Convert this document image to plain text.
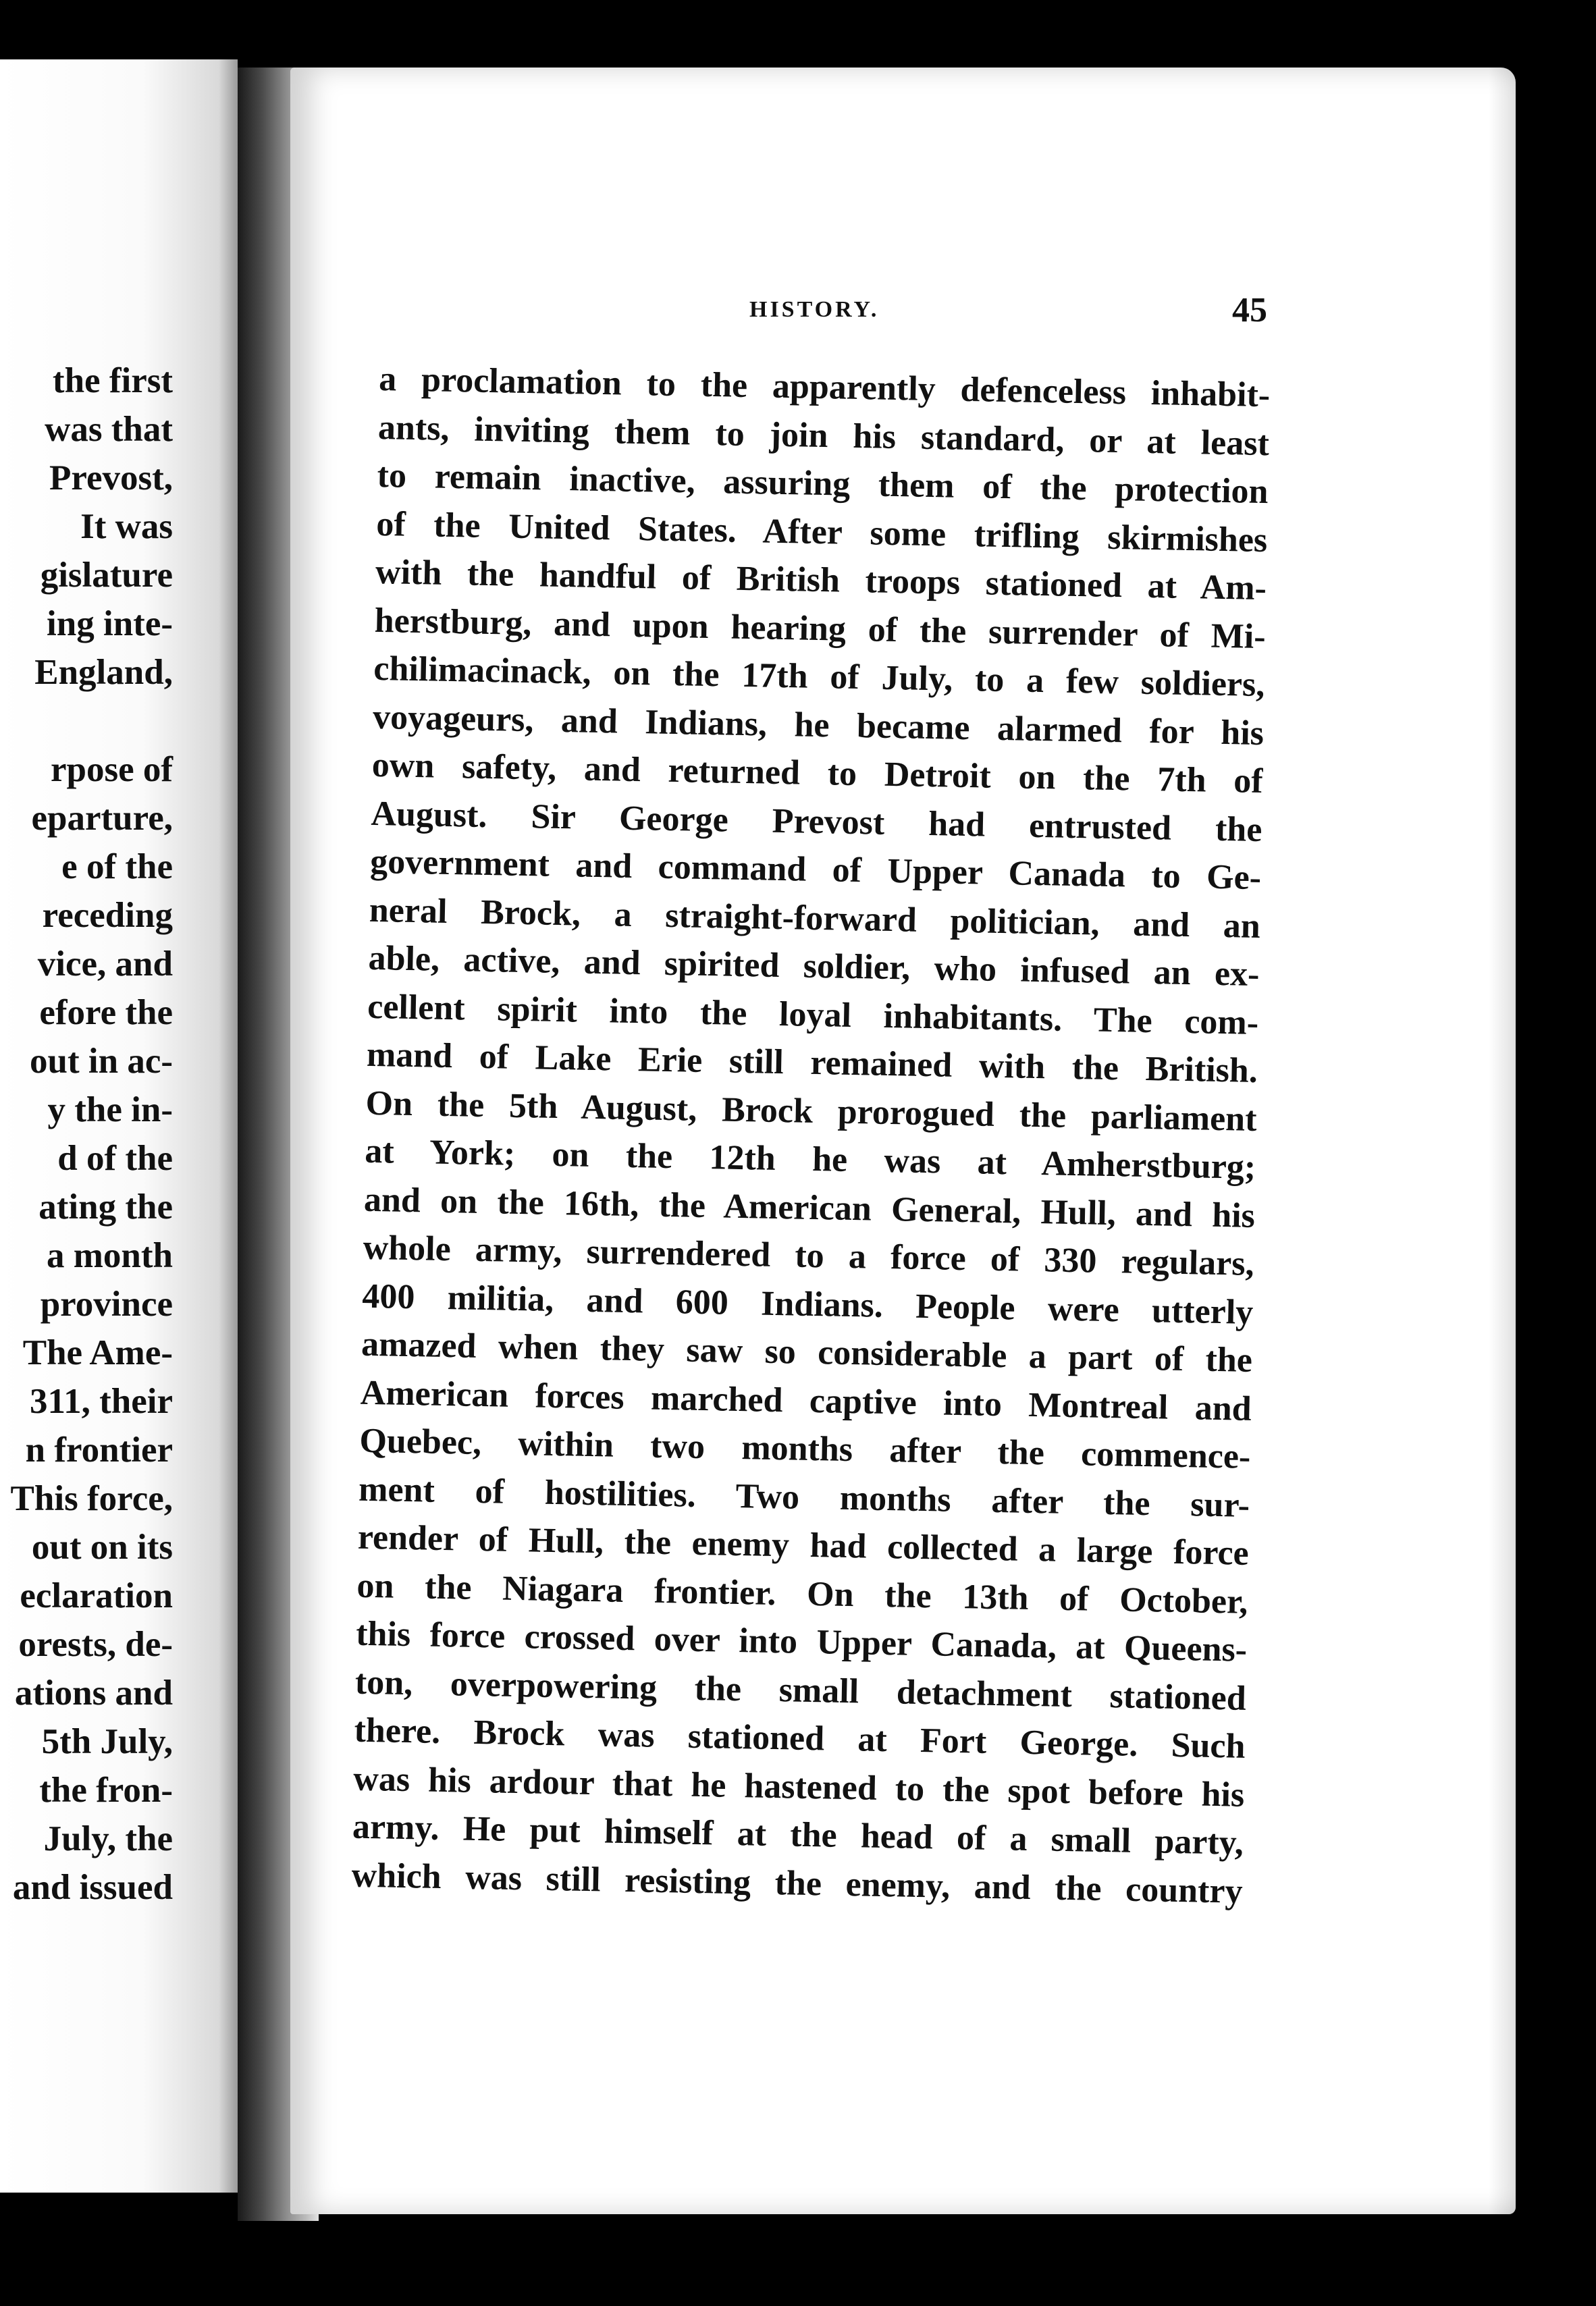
the first
was that
Prevost,
It was
gislature
ing inte-
England,
rpose of
eparture,
e of the
receding
vice, and
efore the
out in ac-
y the in-
d of the
ating the
a month
province
The Ame-
311, their
n frontier
This force,
out on its
eclaration
orests, de-
ations and
5th July,
the fron-
July, the
and issued
HISTORY.	45
a proclamation to the apparently defenceless inhabit-
ants, inviting them to join his standard, or at least
to remain inactive, assuring them of the protection
of the United States. After some trifling skirmishes
with the handful of British troops stationed at Am-
herstburg, and upon hearing of the surrender of Mi-
chilimacinack, on the 17th of July, to a few soldiers,
voyageurs, and Indians, he became alarmed for his
own safety, and returned to Detroit on the 7th of
August. Sir George Prevost had entrusted the
government and command of Upper Canada to Ge-
neral Brock, a straight-forward politician, and an
able, active, and spirited soldier, who infused an ex-
cellent spirit into the loyal inhabitants. The com-
mand of Lake Erie still remained with the British.
On the 5th August, Brock prorogued the parliament
at York; on the 12th he was at Amherstburg;
and on the 16th, the American General, Hull, and his
whole army, surrendered to a force of 330 regulars,
400 militia, and 600 Indians. People were utterly
amazed when they saw so considerable a part of the
American forces marched captive into Montreal and
Quebec, within two months after the commence-
ment of hostilities. Two months after the sur-
render of Hull, the enemy had collected a large force
on the Niagara frontier. On the 13th of October,
this force crossed over into Upper Canada, at Queens-
ton, overpowering the small detachment stationed
there. Brock was stationed at Fort George. Such
was his ardour that he hastened to the spot before his
army. He put himself at the head of a small party,
which was still resisting the enemy, and the country
